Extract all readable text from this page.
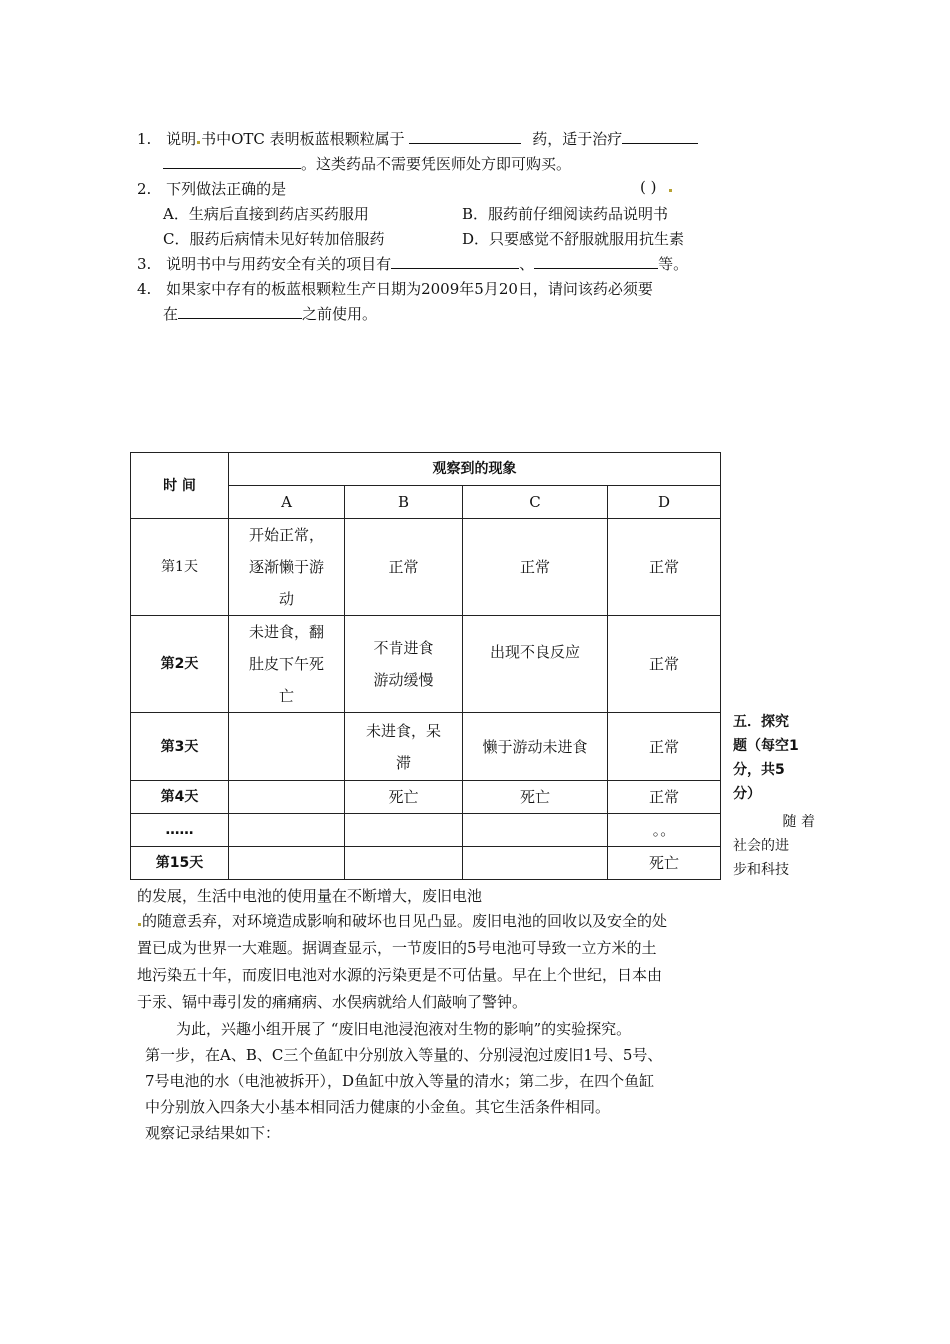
1. 说明 书中OTC 表明板蓝根颗粒属于	药，适于治疗
。这类药品不需要凭医师处方即可购买。
2. 下列做法正确的是	( )
A．生病后直接到药店买药服用	B．服药前仔细阅读药品说明书
C．服药后病情未见好转加倍服药	D．只要感觉不舒服就服用抗生素
3. 说明书中与用药安全有关的项目有	、	等。
4. 如果家中存有的板蓝根颗粒生产日期为2009年5月20日，请问该药必须要
在	之前使用。
时 间	观察到的现象			
	A	B	C	D
第1天	开始正常，逐渐懒于游动	正常	正常	正常
第2天	未进食，翻肚皮下午死亡	不肯进食游动缓慢	出现不良反应	正常
第3天		未进食，呆滞	懒于游动未进食	正常
第4天		死亡	死亡	正常
……				。。
第15天				死亡
五．探究
题（每空1
分，共5
分）
随 着
社会的进
步和科技
的发展，生活中电池的使用量在不断增大，废旧电池
的随意丢弃，对环境造成影响和破坏也日见凸显。废旧电池的回收以及安全的处
置已成为世界一大难题。据调查显示，一节废旧的5号电池可导致一立方米的土
地污染五十年，而废旧电池对水源的污染更是不可估量。早在上个世纪，日本由
于汞、镉中毒引发的痛痛病、水俣病就给人们敲响了警钟。
为此，兴趣小组开展了 “废旧电池浸泡液对生物的影响”的实验探究。
第一步，在A、B、C三个鱼缸中分别放入等量的、分别浸泡过废旧1号、5号、
7号电池的水（电池被拆开），D鱼缸中放入等量的清水；第二步，在四个鱼缸
中分别放入四条大小基本相同活力健康的小金鱼。其它生活条件相同。
观察记录结果如下：
